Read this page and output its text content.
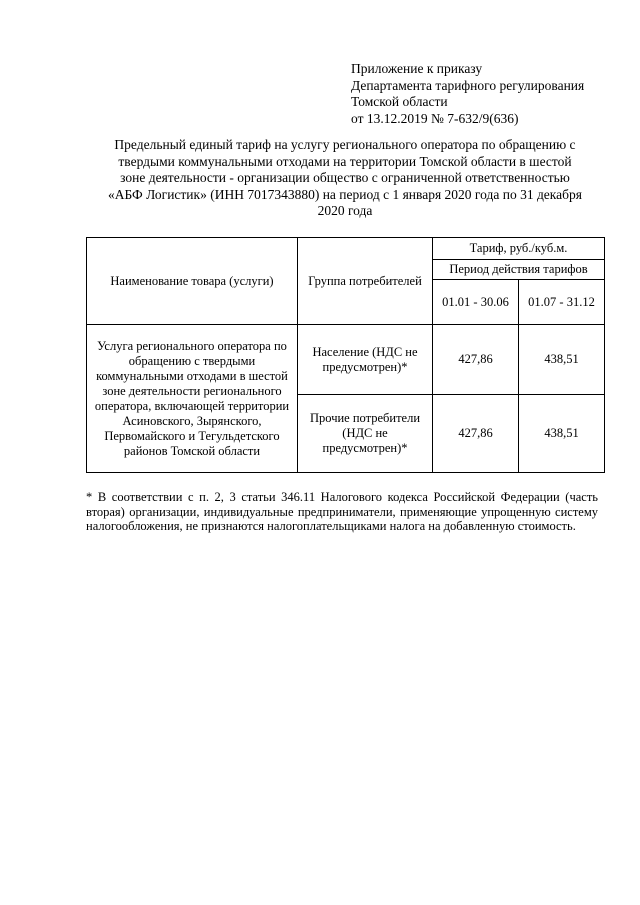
Приложение к приказу
Департамента тарифного регулирования
Томской области
от 13.12.2019 № 7-632/9(636)
Предельный единый тариф на услугу регионального оператора по обращению с
твердыми коммунальными отходами на территории Томской области в шестой
зоне деятельности - организации общество с ограниченной ответственностью
«АБФ Логистик» (ИНН 7017343880) на период с 1 января 2020 года по 31 декабря
2020 года
Наименование товара (услуги)	Группа потребителей	Тариф, руб./куб.м.	
		Период действия тарифов	
		01.01 - 30.06	01.07 - 31.12
Услуга регионального оператора по обращению с твердыми коммунальными отходами в шестой зоне деятельности регионального оператора, включающей территории Асиновского, Зырянского, Первомайского и Тегульдетского районов Томской области	Население (НДС не предусмотрен)*	427,86	438,51
	Прочие потребители (НДС не предусмотрен)*	427,86	438,51
* В соответствии с п. 2, 3 статьи 346.11 Налогового кодекса Российской Федерации (часть вторая) организации, индивидуальные предприниматели, применяющие упрощенную систему налогообложения, не признаются налогоплательщиками налога на добавленную стоимость.
